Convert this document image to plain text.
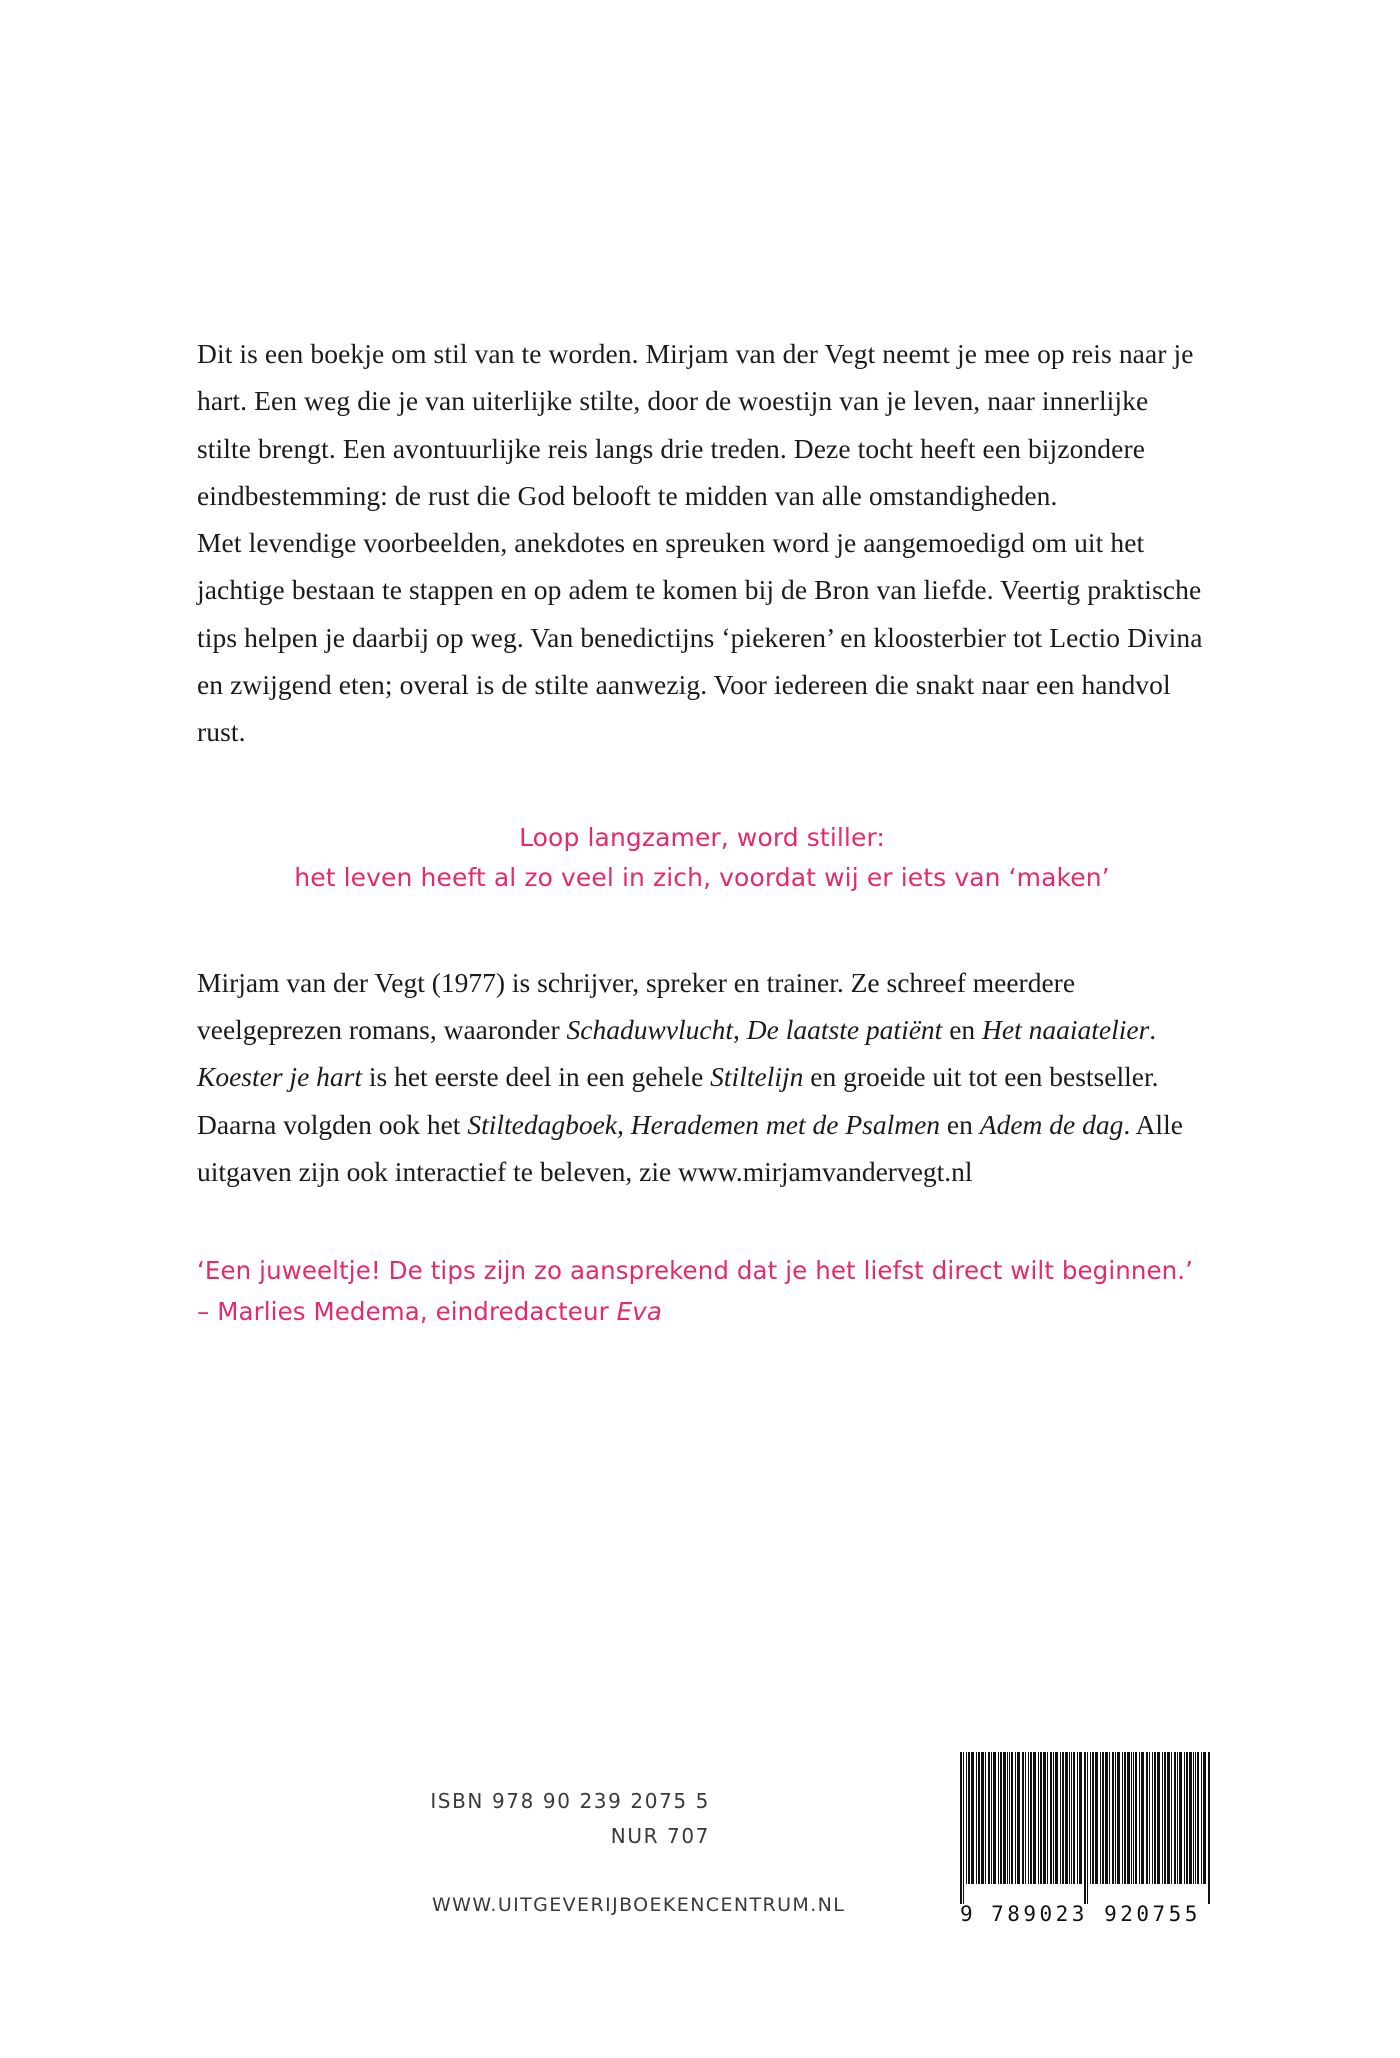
Dit is een boekje om stil van te worden. Mirjam van der Vegt neemt je mee op reis naar je hart. Een weg die je van uiterlijke stilte, door de woestijn van je leven, naar innerlijke stilte brengt. Een avontuurlijke reis langs drie treden. Deze tocht heeft een bijzondere eindbestemming: de rust die God belooft te midden van alle omstandigheden.

Met levendige voorbeelden, anekdotes en spreuken word je aangemoedigd om uit het jachtige bestaan te stappen en op adem te komen bij de Bron van liefde. Veertig praktische tips helpen je daarbij op weg. Van benedictijns ‘piekeren’ en kloosterbier tot Lectio Divina en zwijgend eten; overal is de stilte aanwezig. Voor iedereen die snakt naar een handvol rust.

Loop langzamer, word stiller:
het leven heeft al zo veel in zich, voordat wij er iets van ‘maken’

Mirjam van der Vegt (1977) is schrijver, spreker en trainer. Ze schreef meerdere veelgeprezen romans, waaronder Schaduwvlucht, De laatste patiënt en Het naaiatelier.

Koester je hart is het eerste deel in een gehele Stiltelijn en groeide uit tot een bestseller. Daarna volgden ook het Stiltedagboek, Herademen met de Psalmen en Adem de dag. Alle uitgaven zijn ook interactief te beleven, zie www.mirjamvandervegt.nl

‘Een juweeltje! De tips zijn zo aansprekend dat je het liefst direct wilt beginnen.’ – Marlies Medema, eindredacteur Eva
ISBN 978 90 239 2075 5
NUR 707
WWW.UITGEVERIJBOEKENCENTRUM.NL	9 789023 920755
